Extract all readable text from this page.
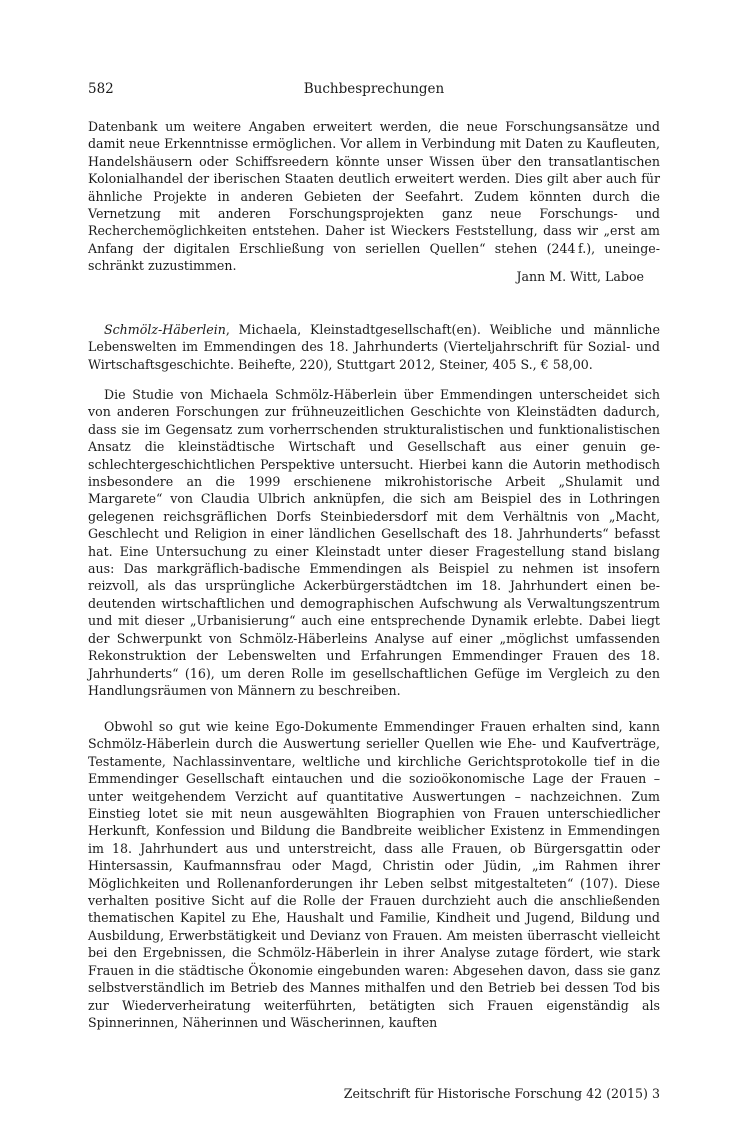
582	Buchbesprechungen

Datenbank um weitere Angaben erweitert werden, die neue Forschungsansätze und damit neue Erkenntnisse ermöglichen. Vor allem in Verbindung mit Daten zu Kaufleuten, Handelshäusern oder Schiffsreedern könnte unser Wissen über den transatlantischen Kolonialhandel der iberischen Staaten deutlich erweitert werden. Dies gilt aber auch für ähnliche Projekte in anderen Gebieten der Seefahrt. Zudem könnten durch die Vernetzung mit anderen Forschungsprojekten ganz neue Forschungs- und Recherchemöglichkeiten entstehen. Daher ist Wieckers Feststellung, dass wir „erst am Anfang der digitalen Erschließung von seriellen Quellen“ stehen (244 f.), uneingeschränkt zuzustimmen.

Jann M. Witt, Laboe

Schmölz-Häberlein, Michaela, Kleinstadtgesellschaft(en). Weibliche und männliche Lebenswelten im Emmendingen des 18. Jahrhunderts (Vierteljahrschrift für Sozial- und Wirtschaftsgeschichte. Beihefte, 220), Stuttgart 2012, Steiner, 405 S., € 58,00.

Die Studie von Michaela Schmölz-Häberlein über Emmendingen unterscheidet sich von anderen Forschungen zur frühneuzeitlichen Geschichte von Kleinstädten dadurch, dass sie im Gegensatz zum vorherrschenden strukturalistischen und funktionalistischen Ansatz die kleinstädtische Wirtschaft und Gesellschaft aus einer genuin geschlechtergeschichtlichen Perspektive untersucht. Hierbei kann die Autorin methodisch insbesondere an die 1999 erschienene mikrohistorische Arbeit „Shulamit und Margarete“ von Claudia Ulbrich anknüpfen, die sich am Beispiel des in Lothringen gelegenen reichsgräflichen Dorfs Steinbiedersdorf mit dem Verhältnis von „Macht, Geschlecht und Religion in einer ländlichen Gesellschaft des 18. Jahrhunderts“ befasst hat. Eine Untersuchung zu einer Kleinstadt unter dieser Fragestellung stand bislang aus: Das markgräflich-badische Emmendingen als Beispiel zu nehmen ist insofern reizvoll, als das ursprüngliche Ackerbürgerstädtchen im 18. Jahrhundert einen bedeutenden wirtschaftlichen und demographischen Aufschwung als Verwaltungszentrum und mit dieser „Urbanisierung“ auch eine entsprechende Dynamik erlebte. Dabei liegt der Schwerpunkt von Schmölz-Häberleins Analyse auf einer „möglichst umfassenden Rekonstruktion der Lebenswelten und Erfahrungen Emmendinger Frauen des 18. Jahrhunderts“ (16), um deren Rolle im gesellschaftlichen Gefüge im Vergleich zu den Handlungsräumen von Männern zu beschreiben.

Obwohl so gut wie keine Ego-Dokumente Emmendinger Frauen erhalten sind, kann Schmölz-Häberlein durch die Auswertung serieller Quellen wie Ehe- und Kaufverträge, Testamente, Nachlassinventare, weltliche und kirchliche Gerichtsprotokolle tief in die Emmendinger Gesellschaft eintauchen und die sozioökonomische Lage der Frauen – unter weitgehendem Verzicht auf quantitative Auswertungen – nachzeichnen. Zum Einstieg lotet sie mit neun ausgewählten Biographien von Frauen unterschiedlicher Herkunft, Konfession und Bildung die Bandbreite weiblicher Existenz in Emmendingen im 18. Jahrhundert aus und unterstreicht, dass alle Frauen, ob Bürgersgattin oder Hintersassin, Kaufmannsfrau oder Magd, Christin oder Jüdin, „im Rahmen ihrer Möglichkeiten und Rollenanforderungen ihr Leben selbst mitgestalteten“ (107). Diese verhalten positive Sicht auf die Rolle der Frauen durchzieht auch die anschließenden thematischen Kapitel zu Ehe, Haushalt und Familie, Kindheit und Jugend, Bildung und Ausbildung, Erwerbstätigkeit und Devianz von Frauen. Am meisten überrascht vielleicht bei den Ergebnissen, die Schmölz-Häberlein in ihrer Analyse zutage fördert, wie stark Frauen in die städtische Ökonomie eingebunden waren: Abgesehen davon, dass sie ganz selbstverständlich im Betrieb des Mannes mithalfen und den Betrieb bei dessen Tod bis zur Wiederverheiratung weiterführten, betätigten sich Frauen eigenständig als Spinnerinnen, Näherinnen und Wäscherinnen, kauften

Zeitschrift für Historische Forschung 42 (2015) 3
